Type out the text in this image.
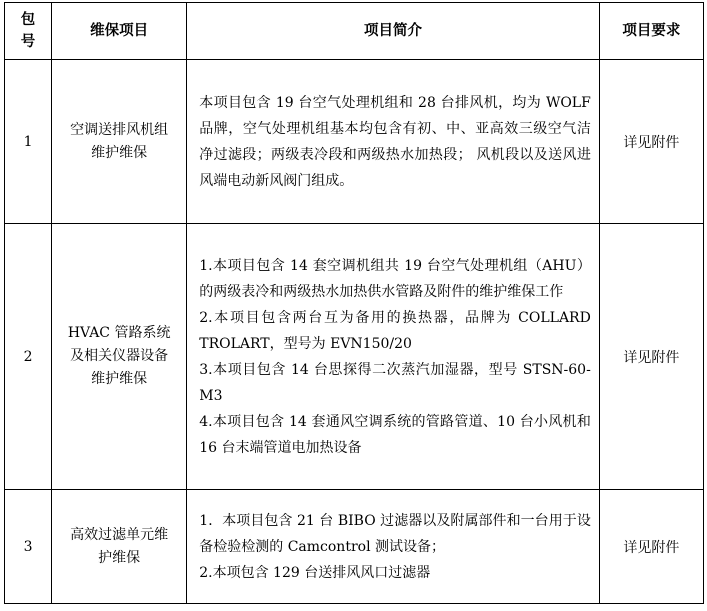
包号	维保项目	项目简介	项目要求
1	空调送排风机组维护维保	本项目包含 19 台空气处理机组和 28 台排风机，均为 WOLF 品牌，空气处理机组基本均包含有初、中、亚高效三级空气洁净过滤段；两级表冷段和两级热水加热段； 风机段以及送风进风端电动新风阀门组成。	详见附件
2	HVAC 管路系统及相关仪器设备维护维保	1.本项目包含 14 套空调机组共 19 台空气处理机组（AHU）的两级表冷和两级热水加热供水管路及附件的维护维保工作

2.本项目包含两台互为备用的换热器，品牌为 COLLARD TROLART，型号为 EVN150/20

3.本项目包含 14 台思探得二次蒸汽加湿器，型号 STSN-60-M3

4.本项目包含 14 套通风空调系统的管路管道、10 台小风机和 16 台末端管道电加热设备	详见附件
3	高效过滤单元维护维保	1．本项目包含 21 台 BIBO 过滤器以及附属部件和一台用于设备检验检测的 Camcontrol 测试设备；

2.本项包含 129 台送排风风口过滤器	详见附件
